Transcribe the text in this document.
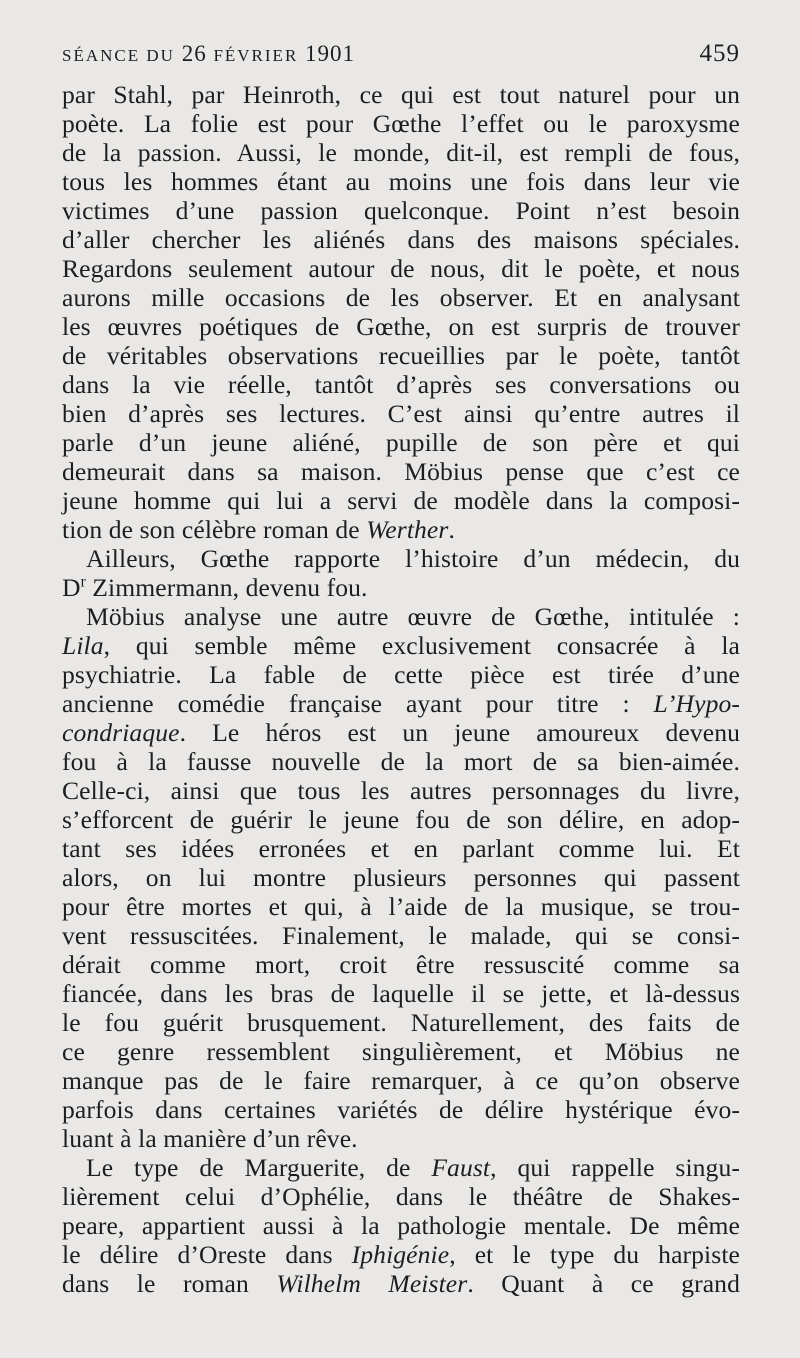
SÉANCE DU 26 FÉVRIER 1901	459
par Stahl, par Heinroth, ce qui est tout naturel pour un
poète. La folie est pour Gœthe l’effet ou le paroxysme
de la passion. Aussi, le monde, dit-il, est rempli de fous,
tous les hommes étant au moins une fois dans leur vie
victimes d’une passion quelconque. Point n’est besoin
d’aller chercher les aliénés dans des maisons spéciales.
Regardons seulement autour de nous, dit le poète, et nous
aurons mille occasions de les observer. Et en analysant
les œuvres poétiques de Gœthe, on est surpris de trouver
de véritables observations recueillies par le poète, tantôt
dans la vie réelle, tantôt d’après ses conversations ou
bien d’après ses lectures. C’est ainsi qu’entre autres il
parle d’un jeune aliéné, pupille de son père et qui
demeurait dans sa maison. Möbius pense que c’est ce
jeune homme qui lui a servi de modèle dans la composi-
tion de son célèbre roman de Werther.
Ailleurs, Gœthe rapporte l’histoire d’un médecin, du
$D^r$ Zimmermann, devenu fou.
Möbius analyse une autre œuvre de Gœthe, intitulée :
Lila, qui semble même exclusivement consacrée à la
psychiatrie. La fable de cette pièce est tirée d’une
ancienne comédie française ayant pour titre : L’Hypo-
condriaque. Le héros est un jeune amoureux devenu
fou à la fausse nouvelle de la mort de sa bien-aimée.
Celle-ci, ainsi que tous les autres personnages du livre,
s’efforcent de guérir le jeune fou de son délire, en adop-
tant ses idées erronées et en parlant comme lui. Et
alors, on lui montre plusieurs personnes qui passent
pour être mortes et qui, à l’aide de la musique, se trou-
vent ressuscitées. Finalement, le malade, qui se consi-
dérait comme mort, croit être ressuscité comme sa
fiancée, dans les bras de laquelle il se jette, et là-dessus
le fou guérit brusquement. Naturellement, des faits de
ce genre ressemblent singulièrement, et Möbius ne
manque pas de le faire remarquer, à ce qu’on observe
parfois dans certaines variétés de délire hystérique évo-
luant à la manière d’un rêve.
Le type de Marguerite, de Faust, qui rappelle singu-
lièrement celui d’Ophélie, dans le théâtre de Shakes-
peare, appartient aussi à la pathologie mentale. De même
le délire d’Oreste dans Iphigénie, et le type du harpiste
dans le roman Wilhelm Meister. Quant à ce grand
